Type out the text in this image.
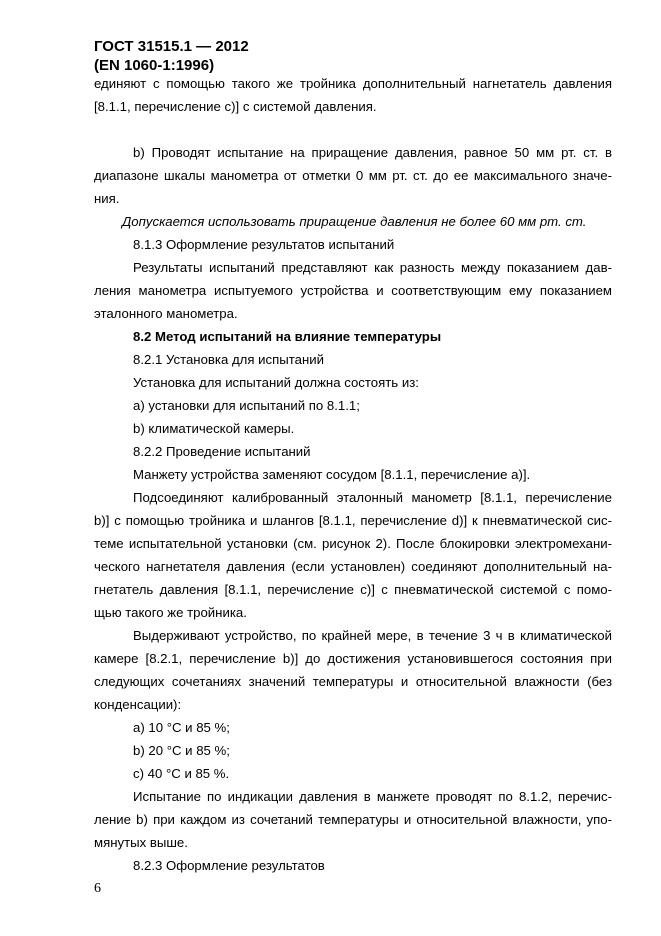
ГОСТ 31515.1 — 2012
(EN 1060-1:1996)
единяют с помощью такого же тройника дополнительный нагнетатель давления
[8.1.1, перечисление с)] с системой давления.
b) Проводят испытание на приращение давления, равное 50 мм рт. ст. в
диапазоне шкалы манометра от отметки 0 мм рт. ст. до ее максимального значе-
ния.
Допускается использовать приращение давления не более 60 мм рт. ст.
8.1.3 Оформление результатов испытаний
Результаты испытаний представляют как разность между показанием дав-
ления манометра испытуемого устройства и соответствующим ему показанием
эталонного манометра.
8.2 Метод испытаний на влияние температуры
8.2.1 Установка для испытаний
Установка для испытаний должна состоять из:
а) установки для испытаний по 8.1.1;
b) климатической камеры.
8.2.2 Проведение испытаний
Манжету устройства заменяют сосудом [8.1.1, перечисление а)].
Подсоединяют калиброванный эталонный манометр [8.1.1, перечисление
b)] с помощью тройника и шлангов [8.1.1, перечисление d)] к пневматической сис-
теме испытательной установки (см. рисунок 2). После блокировки электромехани-
ческого нагнетателя давления (если установлен) соединяют дополнительный на-
гнетатель давления [8.1.1, перечисление с)] с пневматической системой с помо-
щью такого же тройника.
Выдерживают устройство, по крайней мере, в течение 3 ч в климатической
камере [8.2.1, перечисление b)] до достижения установившегося состояния при
следующих сочетаниях значений температуры и относительной влажности (без
конденсации):
а) 10 °С и 85 %;
b) 20 °С и 85 %;
с) 40 °С и 85 %.
Испытание по индикации давления в манжете проводят по 8.1.2, перечис-
ление b) при каждом из сочетаний температуры и относительной влажности, упо-
мянутых выше.
8.2.3 Оформление результатов
6
